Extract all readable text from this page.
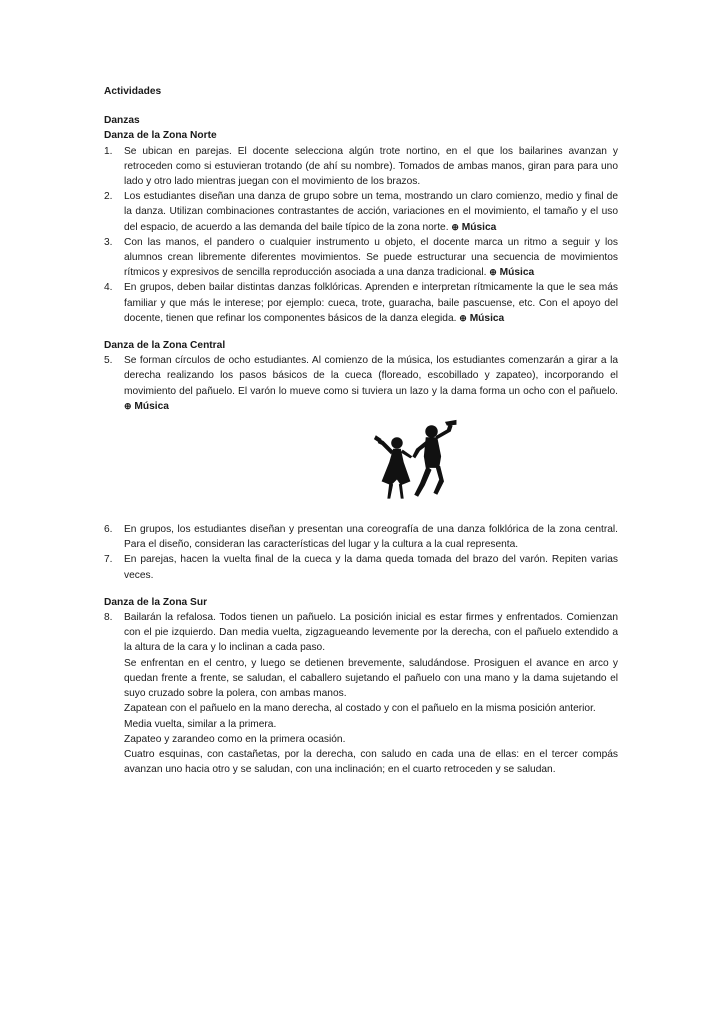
Actividades

Danzas

Danza de la Zona Norte

1. Se ubican en parejas. El docente selecciona algún trote nortino, en el que los bailarines avanzan y retroceden como si estuvieran trotando (de ahí su nombre). Tomados de ambas manos, giran para para uno lado y otro lado mientras juegan con el movimiento de los brazos.
2. Los estudiantes diseñan una danza de grupo sobre un tema, mostrando un claro comienzo, medio y final de la danza. Utilizan combinaciones contrastantes de acción, variaciones en el movimiento, el tamaño y el uso del espacio, de acuerdo a las demanda del baile típico de la zona norte. ⊕ Música
3. Con las manos, el pandero o cualquier instrumento u objeto, el docente marca un ritmo a seguir y los alumnos crean libremente diferentes movimientos. Se puede estructurar una secuencia de movimientos rítmicos y expresivos de sencilla reproducción asociada a una danza tradicional. ⊕ Música
4. En grupos, deben bailar distintas danzas folklóricas. Aprenden e interpretan rítmicamente la que le sea más familiar y que más le interese; por ejemplo: cueca, trote, guaracha, baile pascuense, etc. Con el apoyo del docente, tienen que refinar los componentes básicos de la danza elegida. ⊕ Música

Danza de la Zona Central

5. Se forman círculos de ocho estudiantes. Al comienzo de la música, los estudiantes comenzarán a girar a la derecha realizando los pasos básicos de la cueca (floreado, escobillado y zapateo), incorporando el movimiento del pañuelo. El varón lo mueve como si tuviera un lazo y la dama forma un ocho con el pañuelo. ⊕ Música
6. En grupos, los estudiantes diseñan y presentan una coreografía de una danza folklórica de la zona central. Para el diseño, consideran las características del lugar y la cultura a la cual representa.
7. En parejas, hacen la vuelta final de la cueca y la dama queda tomada del brazo del varón. Repiten varias veces.

Danza de la Zona Sur

8. Bailarán la refalosa. Todos tienen un pañuelo. La posición inicial es estar firmes y enfrentados. Comienzan con el pie izquierdo. Dan media vuelta, zigzagueando levemente por la derecha, con el pañuelo extendido a la altura de la cara y lo inclinan a cada paso.

Se enfrentan en el centro, y luego se detienen brevemente, saludándose. Prosiguen el avance en arco y quedan frente a frente, se saludan, el caballero sujetando el pañuelo con una mano y la dama sujetando el suyo cruzado sobre la polera, con ambas manos.

Zapatean con el pañuelo en la mano derecha, al costado y con el pañuelo en la misma posición anterior.

Media vuelta, similar a la primera.

Zapateo y zarandeo como en la primera ocasión.

Cuatro esquinas, con castañetas, por la derecha, con saludo en cada una de ellas: en el tercer compás avanzan uno hacia otro y se saludan, con una inclinación; en el cuarto retroceden y se saludan.
